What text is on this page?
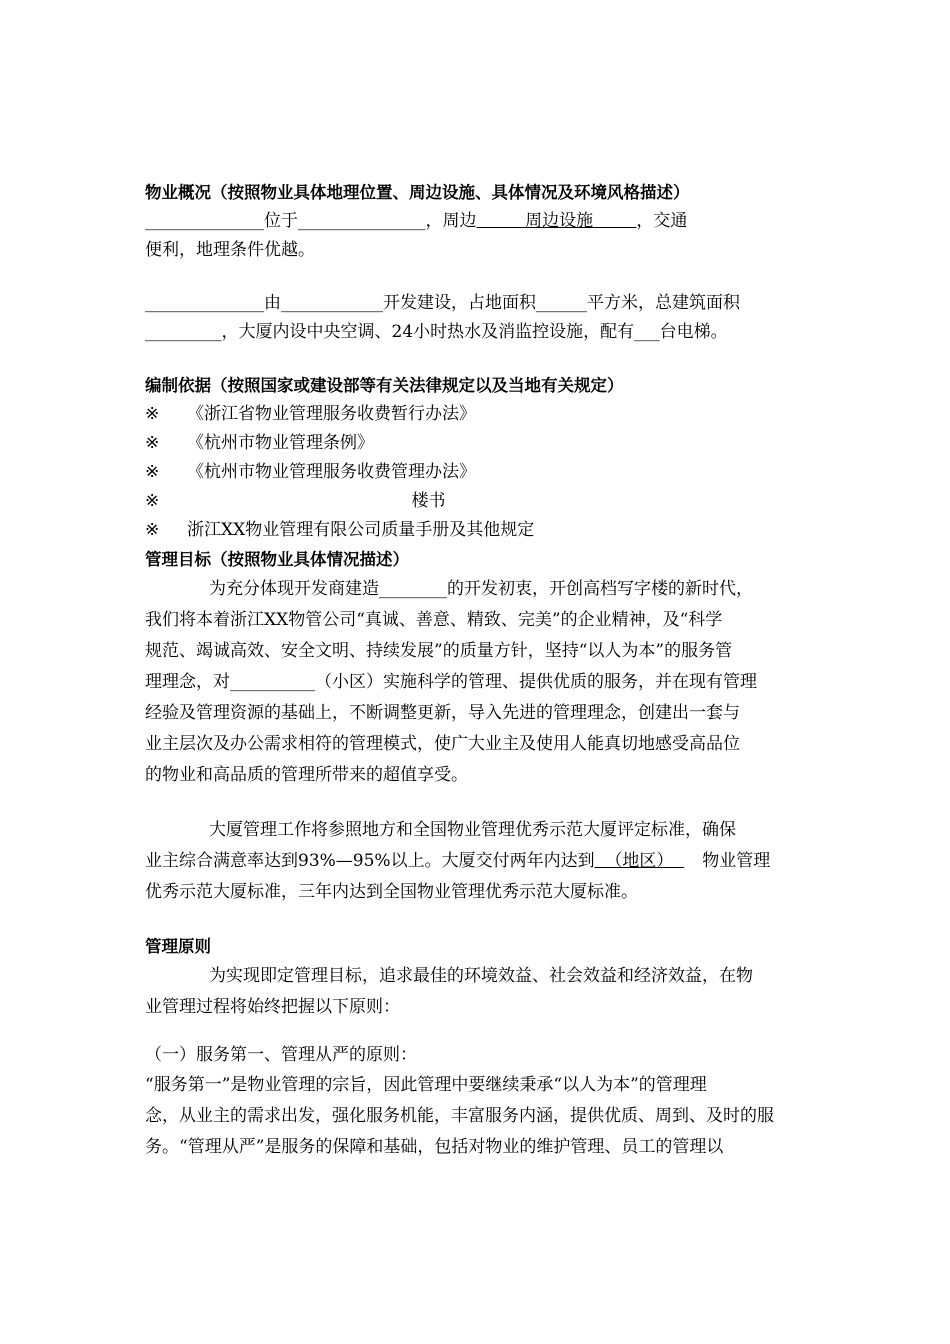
物业概况（按照物业具体地理位置、周边设施、具体情况及环境风格描述）
______________位于_______________，周边         周边设施        ，交通
便利，地理条件优越。
______________由____________开发建设，占地面积______平方米，总建筑面积
_________，大厦内设中央空调、24小时热水及消监控设施，配有___台电梯。
编制依据（按照国家或建设部等有关法律规定以及当地有关规定）
※	《浙江省物业管理服务收费暂行办法》
※	《杭州市物业管理条例》
※	《杭州市物业管理服务收费管理办法》
※	楼书
※	浙江XX物业管理有限公司质量手册及其他规定
管理目标（按照物业具体情况描述）
为充分体现开发商建造________的开发初衷，开创高档写字楼的新时代，
我们将本着浙江XX物管公司“真诚、善意、精致、完美”的企业精神，及“科学
规范、竭诚高效、安全文明、持续发展”的质量方针，坚持“以人为本”的服务管
理理念，对__________（小区）实施科学的管理、提供优质的服务，并在现有管理
经验及管理资源的基础上，不断调整更新，导入先进的管理理念，创建出一套与
业主层次及办公需求相符的管理模式，使广大业主及使用人能真切地感受高品位
的物业和高品质的管理所带来的超值享受。
大厦管理工作将参照地方和全国物业管理优秀示范大厦评定标准，确保
业主综合满意率达到93%—95%以上。大厦交付两年内达到  （地区）  物业管理
优秀示范大厦标准，三年内达到全国物业管理优秀示范大厦标准。
管理原则
为实现即定管理目标，追求最佳的环境效益、社会效益和经济效益，在物
业管理过程将始终把握以下原则：
（一）服务第一、管理从严的原则：
“服务第一”是物业管理的宗旨，因此管理中要继续秉承“以人为本”的管理理
念，从业主的需求出发，强化服务机能，丰富服务内涵，提供优质、周到、及时的服
务。“管理从严”是服务的保障和基础，包括对物业的维护管理、员工的管理以
